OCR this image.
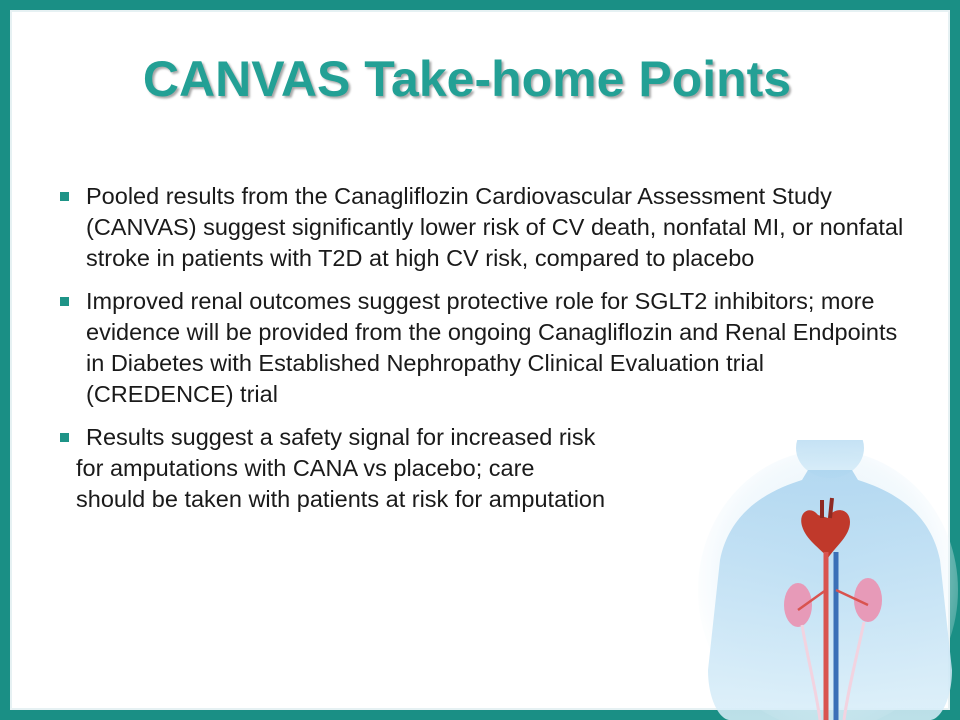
CANVAS Take-home Points
Pooled results from the Canagliflozin Cardiovascular Assessment Study (CANVAS) suggest significantly lower risk of CV death, nonfatal MI, or nonfatal stroke in patients with T2D at high CV risk, compared to placebo
Improved renal outcomes suggest protective role for SGLT2 inhibitors; more evidence will be provided from the ongoing Canagliflozin and Renal Endpoints in Diabetes with Established Nephropathy Clinical Evaluation trial (CREDENCE) trial
Results suggest a safety signal for increased risk
for amputations with CANA vs placebo; care
should be taken with patients at risk for amputation
